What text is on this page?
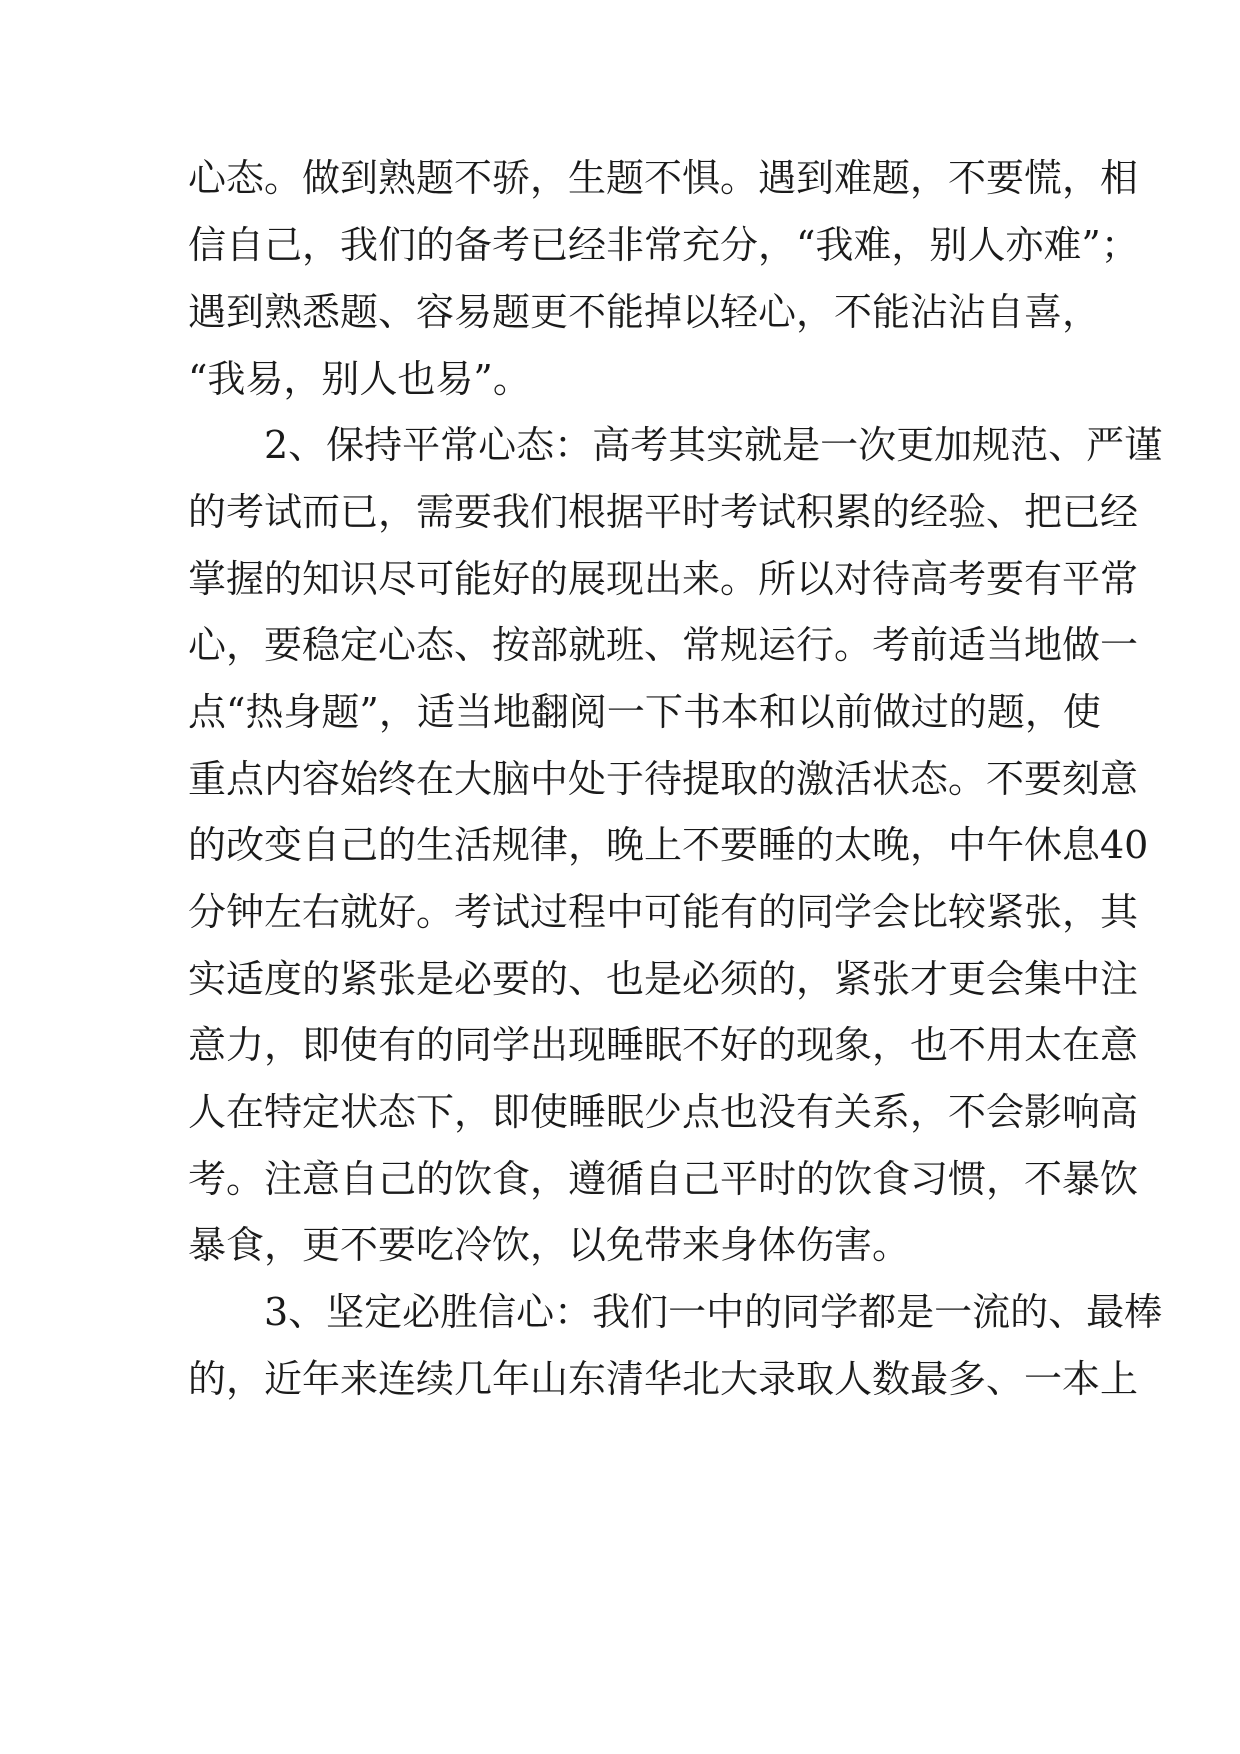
心态。做到熟题不骄，生题不惧。遇到难题，不要慌，相
信自己，我们的备考已经非常充分，“我难，别人亦难”；
遇到熟悉题、容易题更不能掉以轻心，不能沾沾自喜，
“我易，别人也易”。
　　2、保持平常心态：高考其实就是一次更加规范、严谨
的考试而已，需要我们根据平时考试积累的经验、把已经
掌握的知识尽可能好的展现出来。所以对待高考要有平常
心，要稳定心态、按部就班、常规运行。考前适当地做一
点“热身题”，适当地翻阅一下书本和以前做过的题，使
重点内容始终在大脑中处于待提取的激活状态。不要刻意
的改变自己的生活规律，晚上不要睡的太晚，中午休息40
分钟左右就好。考试过程中可能有的同学会比较紧张，其
实适度的紧张是必要的、也是必须的，紧张才更会集中注
意力，即使有的同学出现睡眠不好的现象，也不用太在意
人在特定状态下，即使睡眠少点也没有关系，不会影响高
考。注意自己的饮食，遵循自己平时的饮食习惯，不暴饮
暴食，更不要吃冷饮，以免带来身体伤害。
　　3、坚定必胜信心：我们一中的同学都是一流的、最棒
的，近年来连续几年山东清华北大录取人数最多、一本上
